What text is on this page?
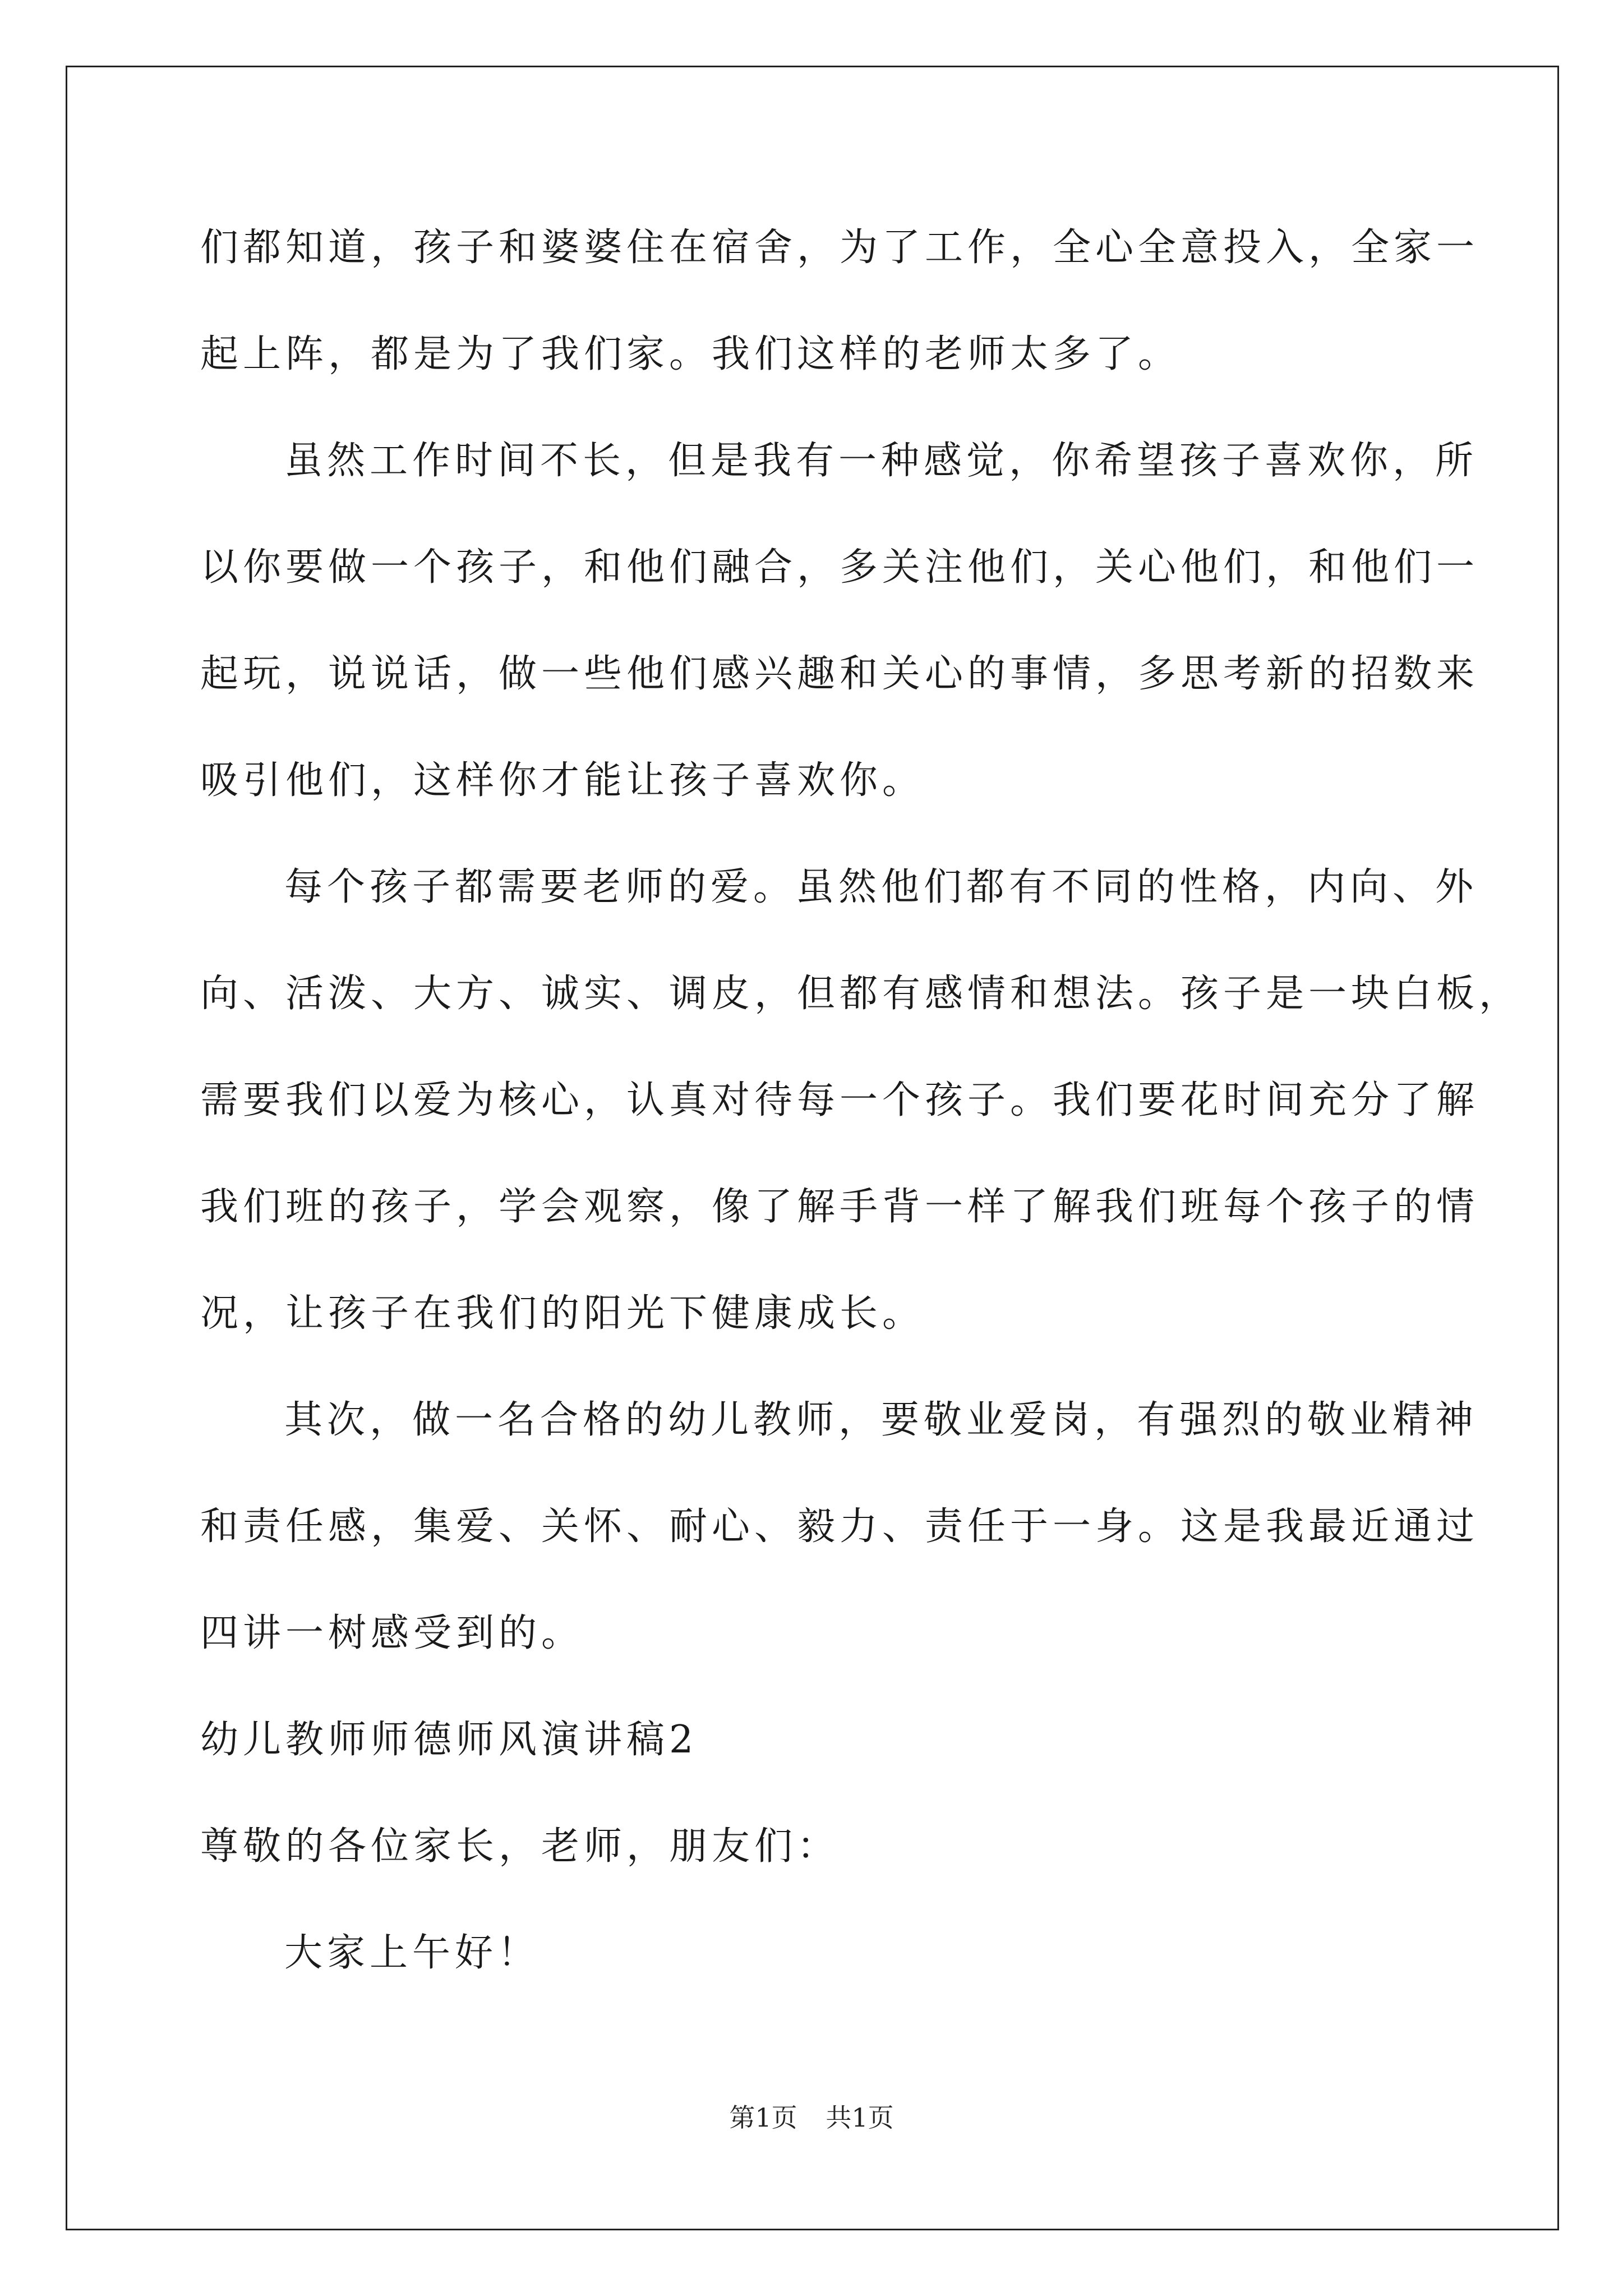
们都知道，孩子和婆婆住在宿舍，为了工作，全心全意投入，全家一
起上阵，都是为了我们家。我们这样的老师太多了。
虽然工作时间不长，但是我有一种感觉，你希望孩子喜欢你，所
以你要做一个孩子，和他们融合，多关注他们，关心他们，和他们一
起玩，说说话，做一些他们感兴趣和关心的事情，多思考新的招数来
吸引他们，这样你才能让孩子喜欢你。
每个孩子都需要老师的爱。虽然他们都有不同的性格，内向、外
向、活泼、大方、诚实、调皮，但都有感情和想法。孩子是一块白板，
需要我们以爱为核心，认真对待每一个孩子。我们要花时间充分了解
我们班的孩子，学会观察，像了解手背一样了解我们班每个孩子的情
况，让孩子在我们的阳光下健康成长。
其次，做一名合格的幼儿教师，要敬业爱岗，有强烈的敬业精神
和责任感，集爱、关怀、耐心、毅力、责任于一身。这是我最近通过
四讲一树感受到的。
幼儿教师师德师风演讲稿2
尊敬的各位家长，老师，朋友们：
大家上午好！
第1页 共1页
